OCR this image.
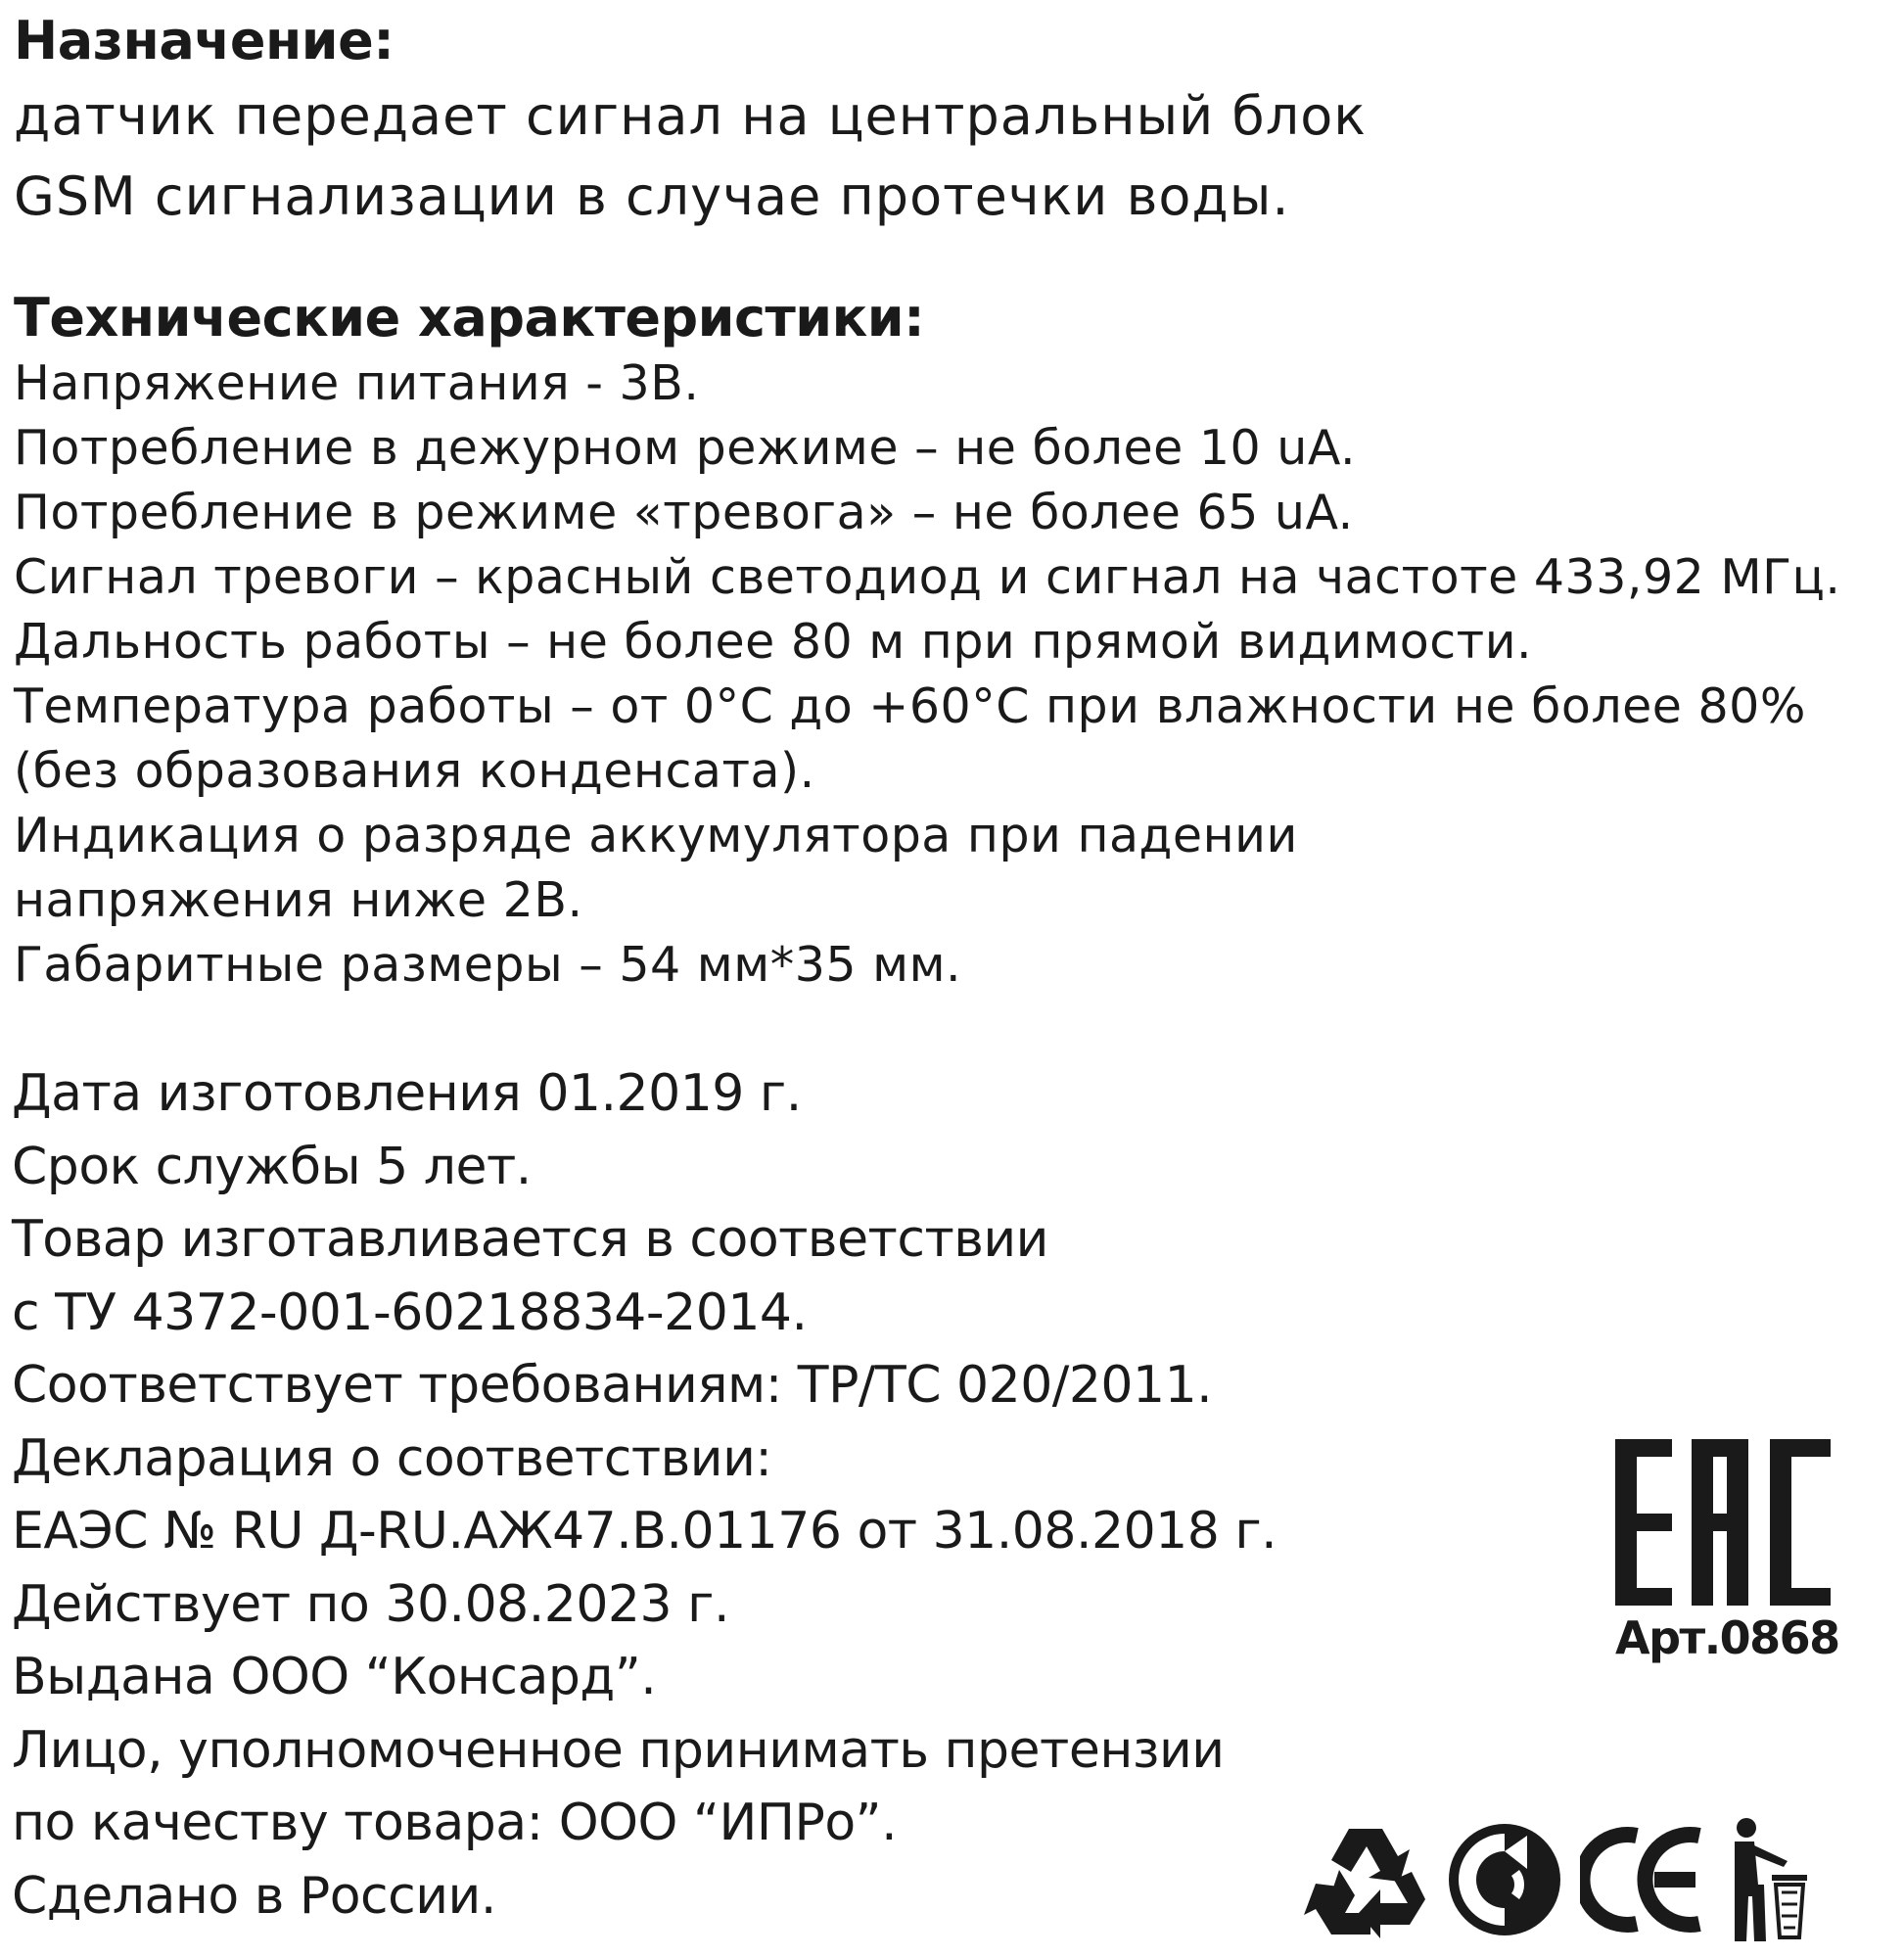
Назначение:
датчик передает сигнал на центральный блок
GSM сигнализации в случае протечки воды.
Технические характеристики:
Напряжение питания - 3В.
Потребление в дежурном режиме – не более 10 uA.
Потребление в режиме «тревога» – не более 65 uA.
Сигнал тревоги – красный светодиод и сигнал на частоте 433,92 МГц.
Дальность работы – не более 80 м при прямой видимости.
Температура работы – от 0°С до +60°С при влажности не более 80%
(без образования конденсата).
Индикация о разряде аккумулятора при падении
напряжения ниже 2В.
Габаритные размеры – 54 мм*35 мм.
Дата изготовления 01.2019 г.
Срок службы 5 лет.
Товар изготавливается в соответствии
с ТУ 4372-001-60218834-2014.
Соответствует требованиям: ТР/ТС 020/2011.
Декларация о соответствии:
ЕАЭС № RU Д-RU.АЖ47.В.01176 от 31.08.2018 г.
Действует по 30.08.2023 г.
Выдана ООО “Консард”.
Лицо, уполномоченное принимать претензии
по качеству товара: ООО “ИПРо”.
Сделано в России.
Арт.0868
